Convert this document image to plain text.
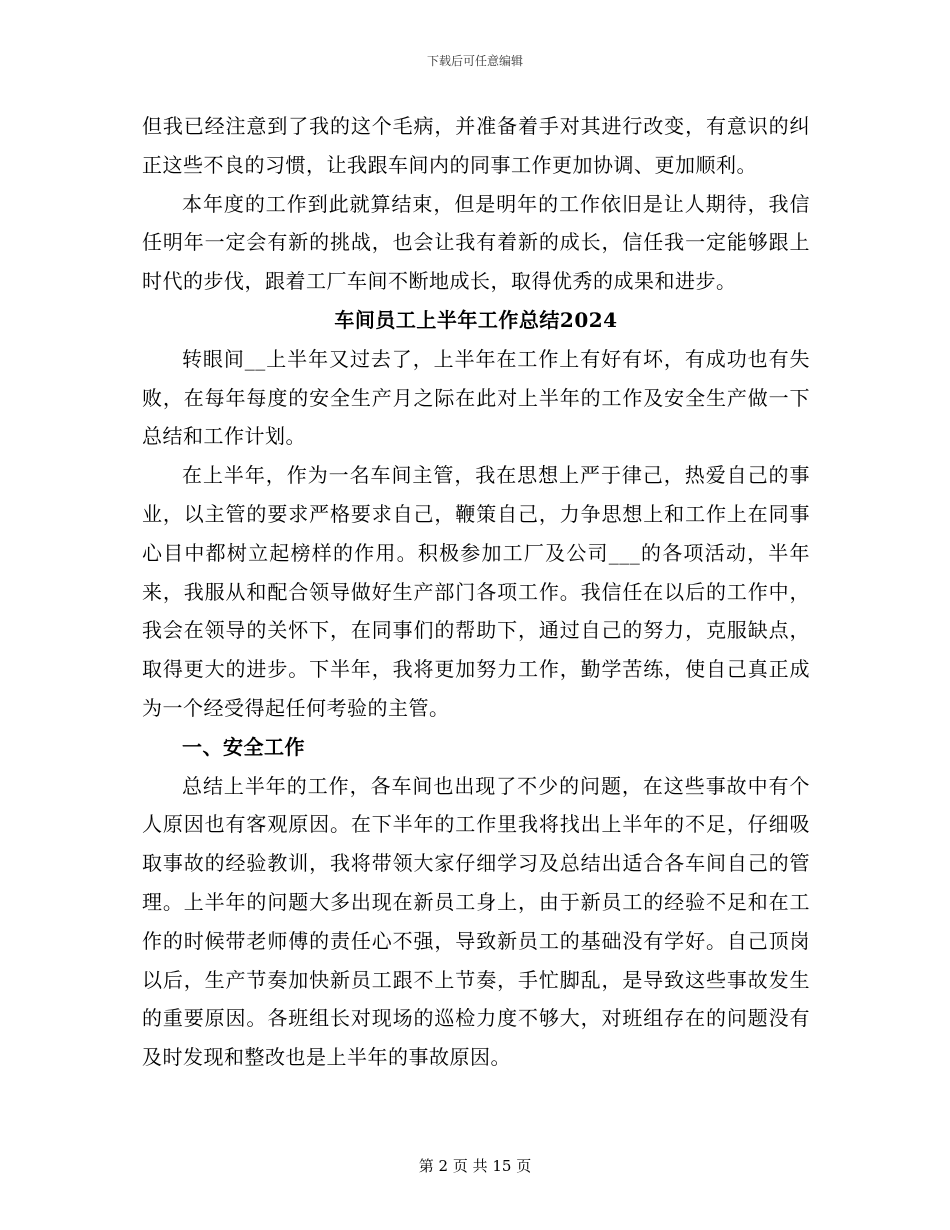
下载后可任意编辑

但我已经注意到了我的这个毛病，并准备着手对其进行改变，有意识的纠正这些不良的习惯，让我跟车间内的同事工作更加协调、更加顺利。

本年度的工作到此就算结束，但是明年的工作依旧是让人期待，我信任明年一定会有新的挑战，也会让我有着新的成长，信任我一定能够跟上时代的步伐，跟着工厂车间不断地成长，取得优秀的成果和进步。

车间员工上半年工作总结2024

转眼间__上半年又过去了，上半年在工作上有好有坏，有成功也有失败，在每年每度的安全生产月之际在此对上半年的工作及安全生产做一下总结和工作计划。

在上半年，作为一名车间主管，我在思想上严于律己，热爱自己的事业，以主管的要求严格要求自己，鞭策自己，力争思想上和工作上在同事心目中都树立起榜样的作用。积极参加工厂及公司___的各项活动，半年来，我服从和配合领导做好生产部门各项工作。我信任在以后的工作中，我会在领导的关怀下，在同事们的帮助下，通过自己的努力，克服缺点，取得更大的进步。下半年，我将更加努力工作，勤学苦练，使自己真正成为一个经受得起任何考验的主管。

一、安全工作

总结上半年的工作，各车间也出现了不少的问题，在这些事故中有个人原因也有客观原因。在下半年的工作里我将找出上半年的不足，仔细吸取事故的经验教训，我将带领大家仔细学习及总结出适合各车间自己的管理。上半年的问题大多出现在新员工身上，由于新员工的经验不足和在工作的时候带老师傅的责任心不强，导致新员工的基础没有学好。自己顶岗以后，生产节奏加快新员工跟不上节奏，手忙脚乱，是导致这些事故发生的重要原因。各班组长对现场的巡检力度不够大，对班组存在的问题没有及时发现和整改也是上半年的事故原因。

第 2 页 共 15 页
